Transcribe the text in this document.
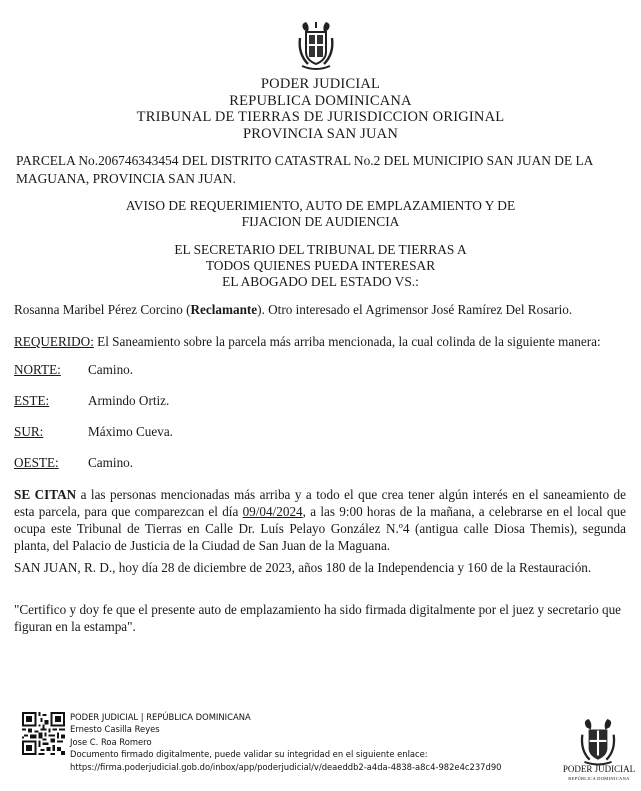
PODER JUDICIAL
REPUBLICA DOMINICANA
TRIBUNAL DE TIERRAS DE JURISDICCION ORIGINAL
PROVINCIA SAN JUAN
PARCELA No.206746343454 DEL DISTRITO CATASTRAL No.2 DEL MUNICIPIO SAN JUAN DE LA
MAGUANA, PROVINCIA SAN JUAN.
AVISO DE REQUERIMIENTO, AUTO DE EMPLAZAMIENTO Y DE
FIJACION DE AUDIENCIA
EL SECRETARIO DEL TRIBUNAL DE TIERRAS A
TODOS QUIENES PUEDA INTERESAR
EL ABOGADO DEL ESTADO VS.:
Rosanna Maribel Pérez Corcino (Reclamante). Otro interesado el Agrimensor José Ramírez Del Rosario.
REQUERIDO: El Saneamiento sobre la parcela más arriba mencionada, la cual colinda de la siguiente manera:
NORTE: Camino.
ESTE:	Armindo Ortiz.
SUR:	Máximo Cueva.
OESTE: Camino.
SE CITAN a las personas mencionadas más arriba y a todo el que crea tener algún interés en el saneamiento de esta parcela, para que comparezcan el día 09/04/2024, a las 9:00 horas de la mañana, a celebrarse en el local que ocupa este Tribunal de Tierras en Calle Dr. Luís Pelayo González N.º4 (antigua calle Diosa Themis), segunda planta, del Palacio de Justicia de la Ciudad de San Juan de la Maguana.
SAN JUAN, R. D., hoy día 28 de diciembre de 2023, años 180 de la Independencia y 160 de la Restauración.
"Certifico y doy fe que el presente auto de emplazamiento ha sido firmada digitalmente por el juez y secretario que
figuran en la estampa".
PODER JUDICIAL | REPÚBLICA DOMINICANA
Ernesto Casilla Reyes
Jose C. Roa Romero
Documento firmado digitalmente, puede validar su integridad en el siguiente enlace:
https://firma.poderjudicial.gob.do/inbox/app/poderjudicial/v/deaeddb2-a4da-4838-a8c4-982e4c237d90	PODER JUDICIAL
REPÚBLICA DOMINICANA
